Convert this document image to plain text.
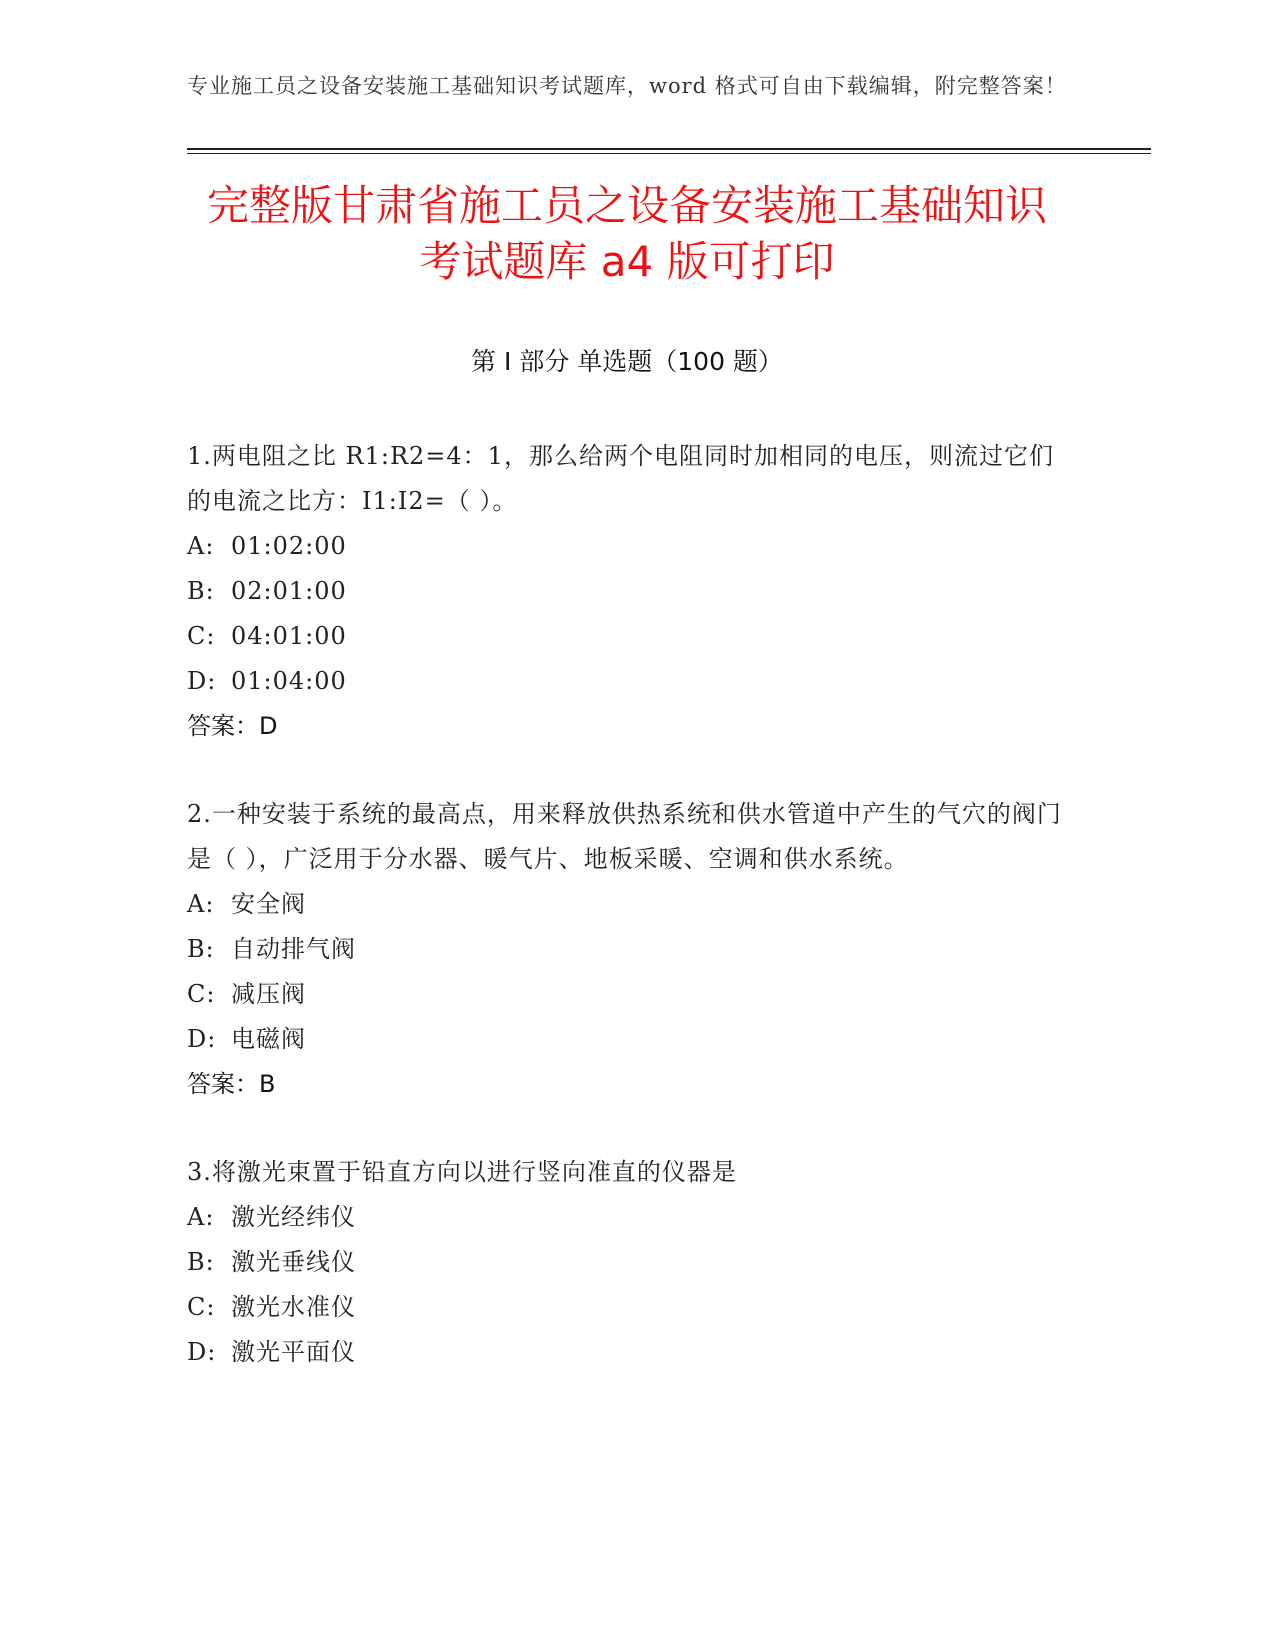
专业施工员之设备安装施工基础知识考试题库，word 格式可自由下载编辑，附完整答案！

完整版甘肃省施工员之设备安装施工基础知识考试题库 a4 版可打印
第 I 部分 单选题（100 题）

1.两电阻之比 R1:R2=4：1，那么给两个电阻同时加相同的电压，则流过它们的电流之比方：I1:I2=（ ）。

A: 01:02:00

B: 02:01:00

C: 04:01:00

D: 01:04:00

答案：D

2.一种安装于系统的最高点，用来释放供热系统和供水管道中产生的气穴的阀门是（ ），广泛用于分水器、暖气片、地板采暖、空调和供水系统。

A: 安全阀

B: 自动排气阀

C: 减压阀

D: 电磁阀

答案：B

3.将激光束置于铅直方向以进行竖向准直的仪器是

A: 激光经纬仪

B: 激光垂线仪

C: 激光水准仪

D: 激光平面仪
